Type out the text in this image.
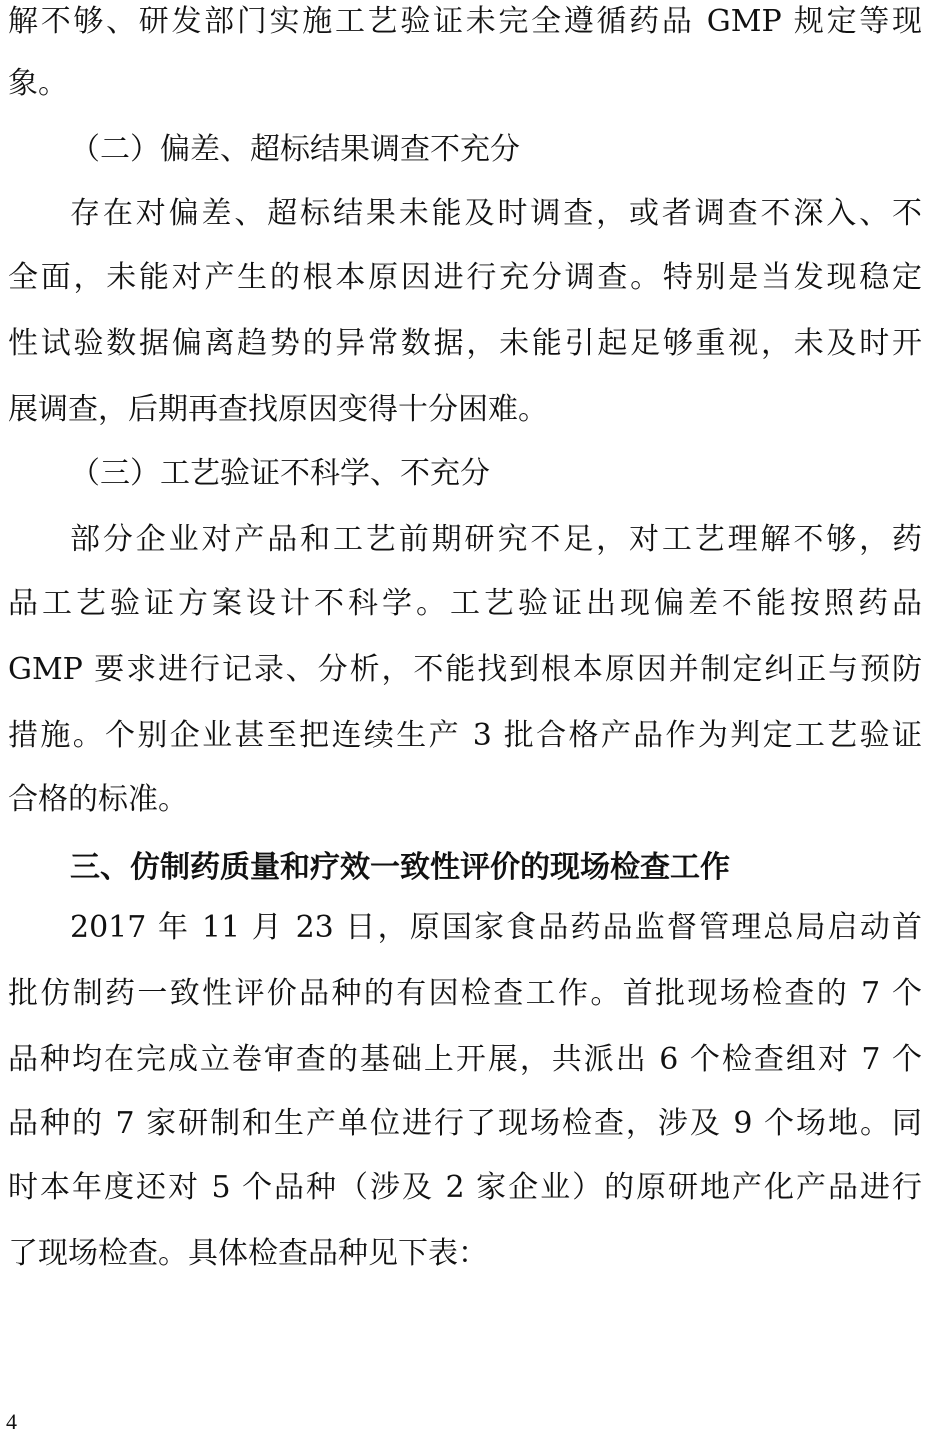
解不够、研发部门实施工艺验证未完全遵循药品 GMP 规定等现
象。
（二）偏差、超标结果调查不充分
存在对偏差、超标结果未能及时调查，或者调查不深入、不
全面，未能对产生的根本原因进行充分调查。特别是当发现稳定
性试验数据偏离趋势的异常数据，未能引起足够重视，未及时开
展调查，后期再查找原因变得十分困难。
（三）工艺验证不科学、不充分
部分企业对产品和工艺前期研究不足，对工艺理解不够，药
品工艺验证方案设计不科学。工艺验证出现偏差不能按照药品
GMP 要求进行记录、分析，不能找到根本原因并制定纠正与预防
措施。个别企业甚至把连续生产 3 批合格产品作为判定工艺验证
合格的标准。
三、仿制药质量和疗效一致性评价的现场检查工作
2017 年 11 月 23 日，原国家食品药品监督管理总局启动首
批仿制药一致性评价品种的有因检查工作。首批现场检查的 7 个
品种均在完成立卷审查的基础上开展，共派出 6 个检查组对 7 个
品种的 7 家研制和生产单位进行了现场检查，涉及 9 个场地。同
时本年度还对 5 个品种（涉及 2 家企业）的原研地产化产品进行
了现场检查。具体检查品种见下表：
4
